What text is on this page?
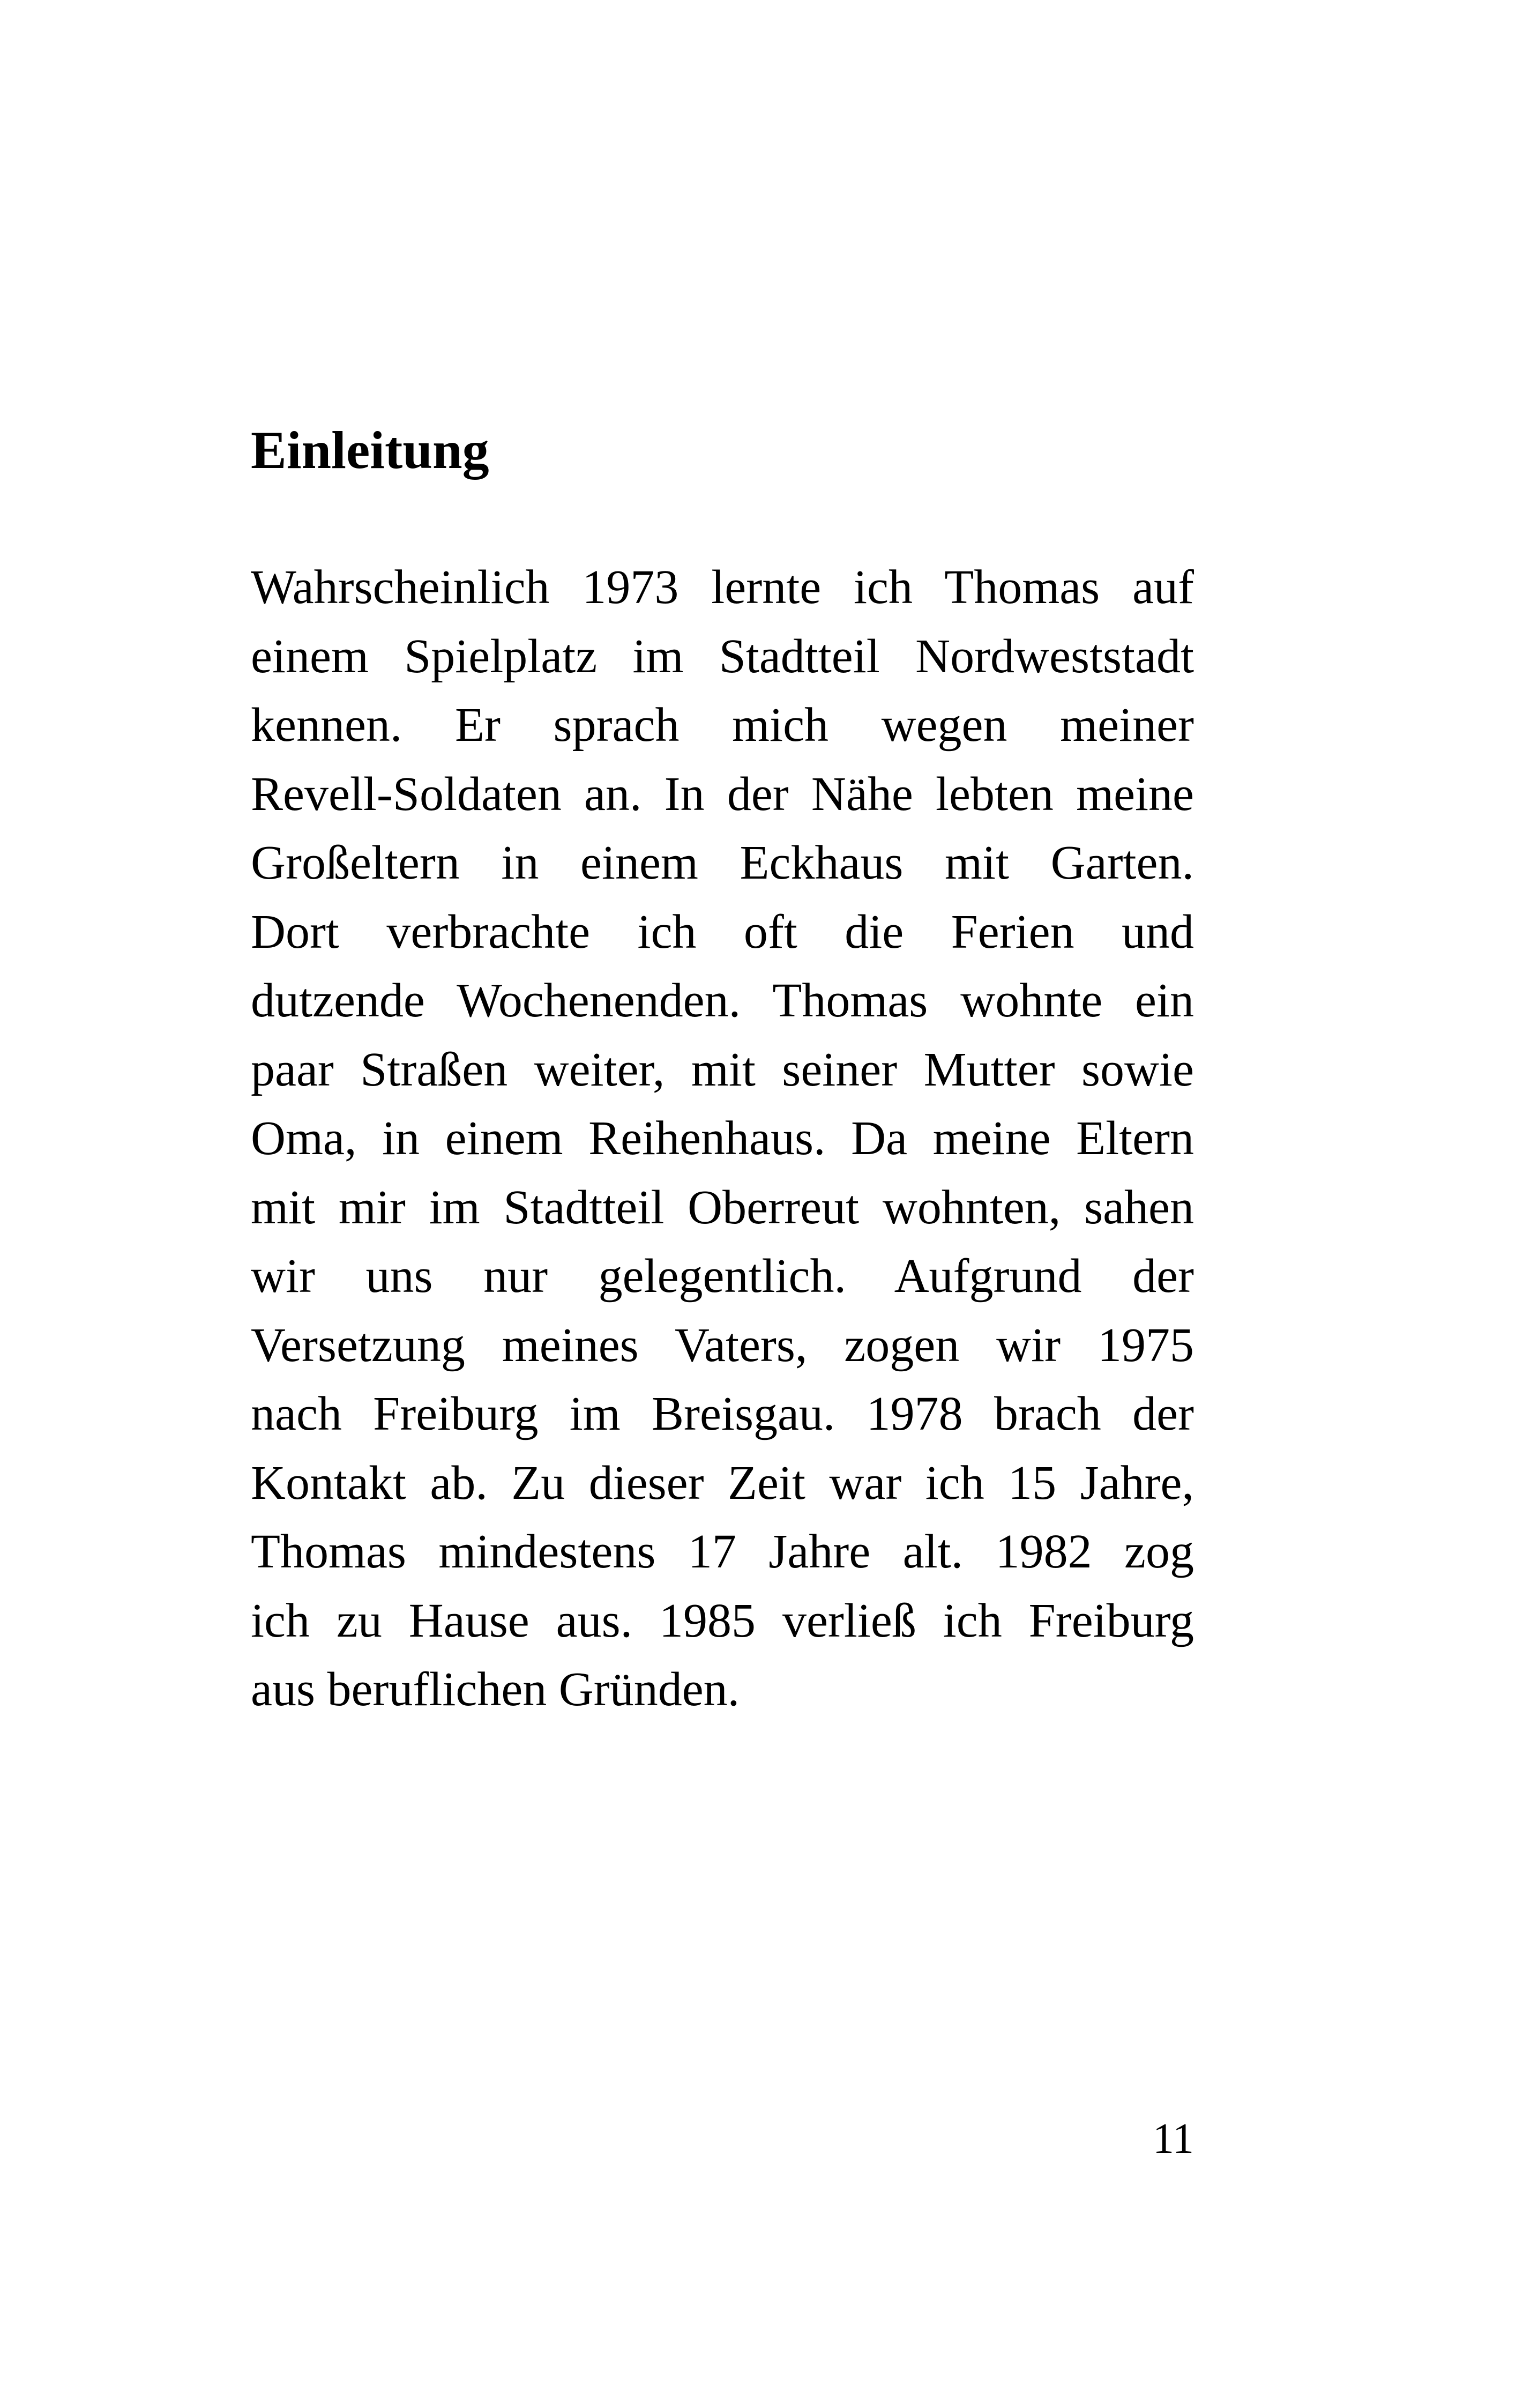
Einleitung
Wahrscheinlich 1973 lernte ich Thomas auf
einem Spielplatz im Stadtteil Nordweststadt
kennen. Er sprach mich wegen meiner
Revell-Soldaten an. In der Nähe lebten meine
Großeltern in einem Eckhaus mit Garten.
Dort verbrachte ich oft die Ferien und
dutzende Wochenenden. Thomas wohnte ein
paar Straßen weiter, mit seiner Mutter sowie
Oma, in einem Reihenhaus. Da meine Eltern
mit mir im Stadtteil Oberreut wohnten, sahen
wir uns nur gelegentlich. Aufgrund der
Versetzung meines Vaters, zogen wir 1975
nach Freiburg im Breisgau. 1978 brach der
Kontakt ab. Zu dieser Zeit war ich 15 Jahre,
Thomas mindestens 17 Jahre alt. 1982 zog
ich zu Hause aus. 1985 verließ ich Freiburg
aus beruflichen Gründen.
11
